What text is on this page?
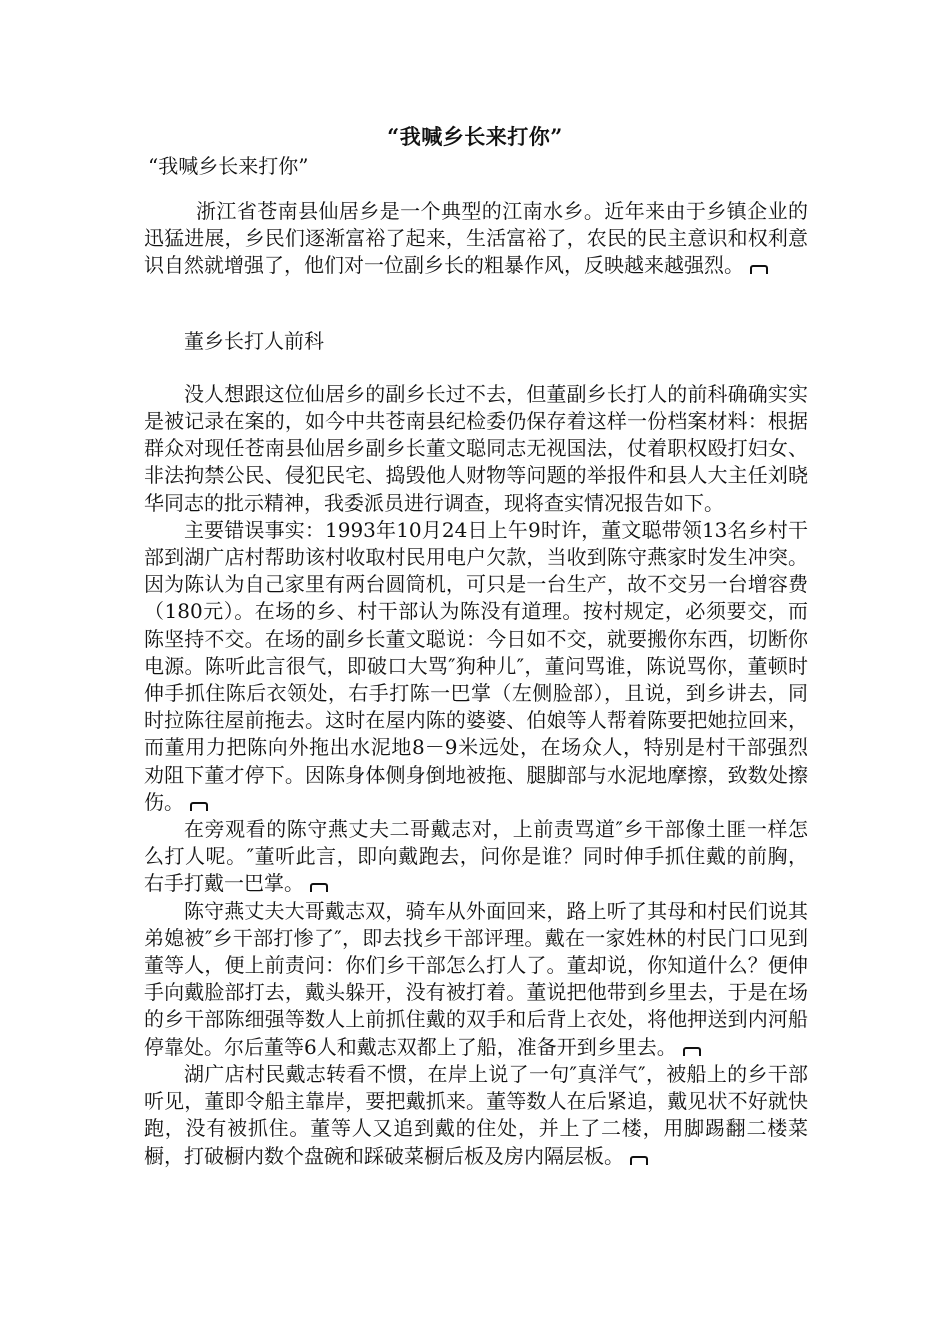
“我喊乡长来打你”
“我喊乡长来打你”

浙江省苍南县仙居乡是一个典型的江南水乡。近年来由于乡镇企业的迅猛进展，乡民们逐渐富裕了起来，生活富裕了，农民的民主意识和权利意识自然就增强了，他们对一位副乡长的粗暴作风，反映越来越强烈。

董乡长打人前科

没人想跟这位仙居乡的副乡长过不去，但董副乡长打人的前科确确实实是被记录在案的，如今中共苍南县纪检委仍保存着这样一份档案材料：根据群众对现任苍南县仙居乡副乡长董文聪同志无视国法，仗着职权殴打妇女、非法拘禁公民、侵犯民宅、捣毁他人财物等问题的举报件和县人大主任刘晓华同志的批示精神，我委派员进行调查，现将查实情况报告如下。

主要错误事实：1993年10月24日上午9时许，董文聪带领13名乡村干部到湖广店村帮助该村收取村民用电户欠款，当收到陈守燕家时发生冲突。因为陈认为自己家里有两台圆筒机，可只是一台生产，故不交另一台增容费（180元）。在场的乡、村干部认为陈没有道理。按村规定，必须要交，而陈坚持不交。在场的副乡长董文聪说：今日如不交，就要搬你东西，切断你电源。陈听此言很气，即破口大骂″狗种儿″，董问骂谁，陈说骂你，董顿时伸手抓住陈后衣领处，右手打陈一巴掌（左侧脸部），且说，到乡讲去，同时拉陈往屋前拖去。这时在屋内陈的婆婆、伯娘等人帮着陈要把她拉回来，而董用力把陈向外拖出水泥地8－9米远处，在场众人，特别是村干部强烈劝阻下董才停下。因陈身体侧身倒地被拖、腿脚部与水泥地摩擦，致数处擦伤。

在旁观看的陈守燕丈夫二哥戴志对，上前责骂道″乡干部像土匪一样怎么打人呢。″董听此言，即向戴跑去，问你是谁？同时伸手抓住戴的前胸，右手打戴一巴掌。

陈守燕丈夫大哥戴志双，骑车从外面回来，路上听了其母和村民们说其弟媳被″乡干部打惨了″，即去找乡干部评理。戴在一家姓林的村民门口见到董等人，便上前责问：你们乡干部怎么打人了。董却说，你知道什么？便伸手向戴脸部打去，戴头躲开，没有被打着。董说把他带到乡里去，于是在场的乡干部陈细强等数人上前抓住戴的双手和后背上衣处，将他押送到内河船停靠处。尔后董等6人和戴志双都上了船，准备开到乡里去。

湖广店村民戴志转看不惯，在岸上说了一句″真洋气″，被船上的乡干部听见，董即令船主靠岸，要把戴抓来。董等数人在后紧追，戴见状不好就快跑，没有被抓住。董等人又追到戴的住处，并上了二楼，用脚踢翻二楼菜橱，打破橱内数个盘碗和踩破菜橱后板及房内隔层板。
